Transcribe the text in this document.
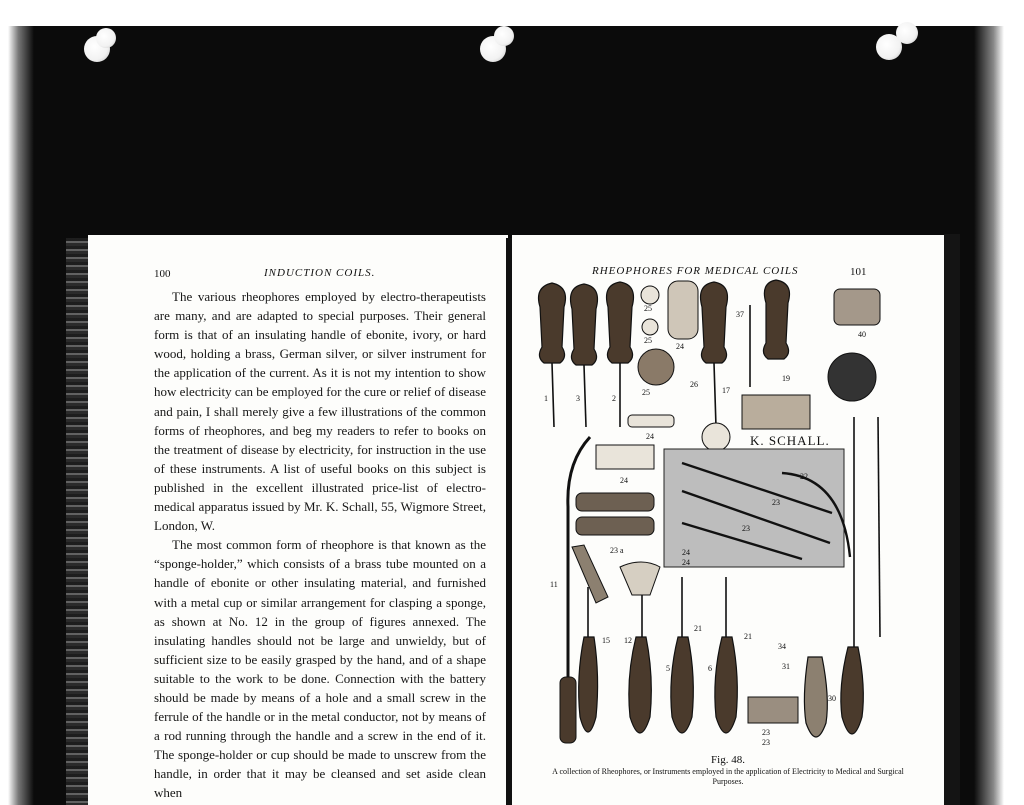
100	INDUCTION COILS.

The various rheophores employed by electro-therapeutists are many, and are adapted to special purposes. Their general form is that of an insulating handle of ebonite, ivory, or hard wood, holding a brass, German silver, or silver instrument for the application of the current. As it is not my intention to show how electricity can be employed for the cure or relief of disease and pain, I shall merely give a few illustrations of the common forms of rheophores, and beg my readers to refer to books on the treatment of disease by electricity, for instruction in the use of these instruments. A list of useful books on this subject is published in the excellent illustrated price-list of electro-medical apparatus issued by Mr. K. Schall, 55, Wigmore Street, London, W.

The most common form of rheophore is that known as the “sponge-holder,” which consists of a brass tube mounted on a handle of ebonite or other insulating material, and furnished with a metal cup or similar arrangement for clasping a sponge, as shown at No. 12 in the group of figures annexed. The insulating handles should not be large and unwieldy, but of sufficient size to be easily grasped by the hand, and of a shape suitable to the work to be done. Connection with the battery should be made by means of a hole and a small screw in the ferrule of the handle or in the metal conductor, not by means of a rod running through the handle and a screw in the end of it. The sponge-holder or cup should be made to unscrew from the handle, in order that it may be cleansed and set aside clean when

RHEOPHORES FOR MEDICAL COILS	101
K. SCHALL.
1	3	2
25
25
24
26
25	17
37
19
24
40
24	22
23
23
24
24
23 a
11
15 12
5
21
6
21
31
34
30
23
23
Fig. 48.
A collection of Rheophores, or Instruments employed in the application of Electricity to Medical and Surgical Purposes.
